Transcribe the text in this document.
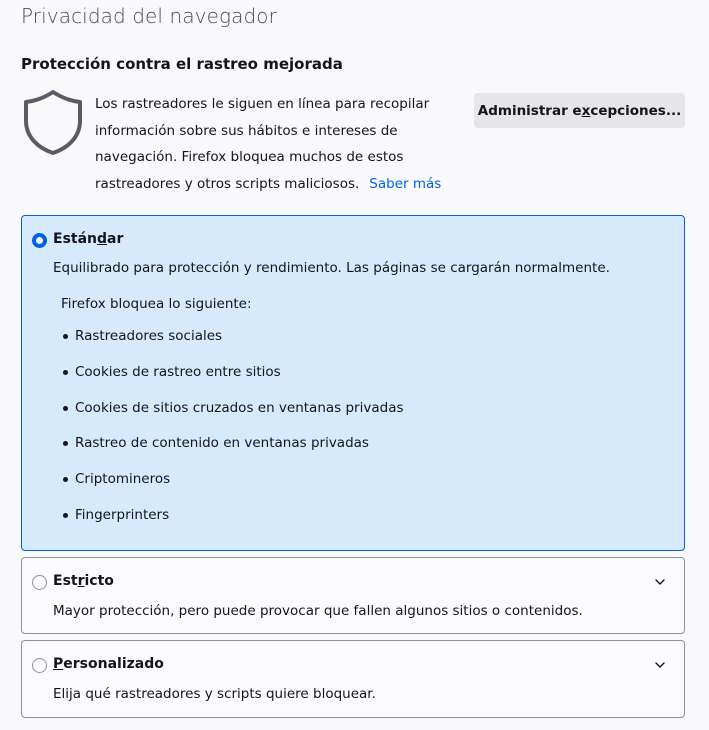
Privacidad del navegador
Protección contra el rastreo mejorada
Los rastreadores le siguen en línea para recopilar información sobre sus hábitos e intereses de navegación. Firefox bloquea muchos de estos rastreadores y otros scripts maliciosos. Saber más
Administrar excepciones...
Estándar
Equilibrado para protección y rendimiento. Las páginas se cargarán normalmente.
Firefox bloquea lo siguiente:
Rastreadores sociales
Cookies de rastreo entre sitios
Cookies de sitios cruzados en ventanas privadas
Rastreo de contenido en ventanas privadas
Criptomineros
Fingerprinters
Estricto
Mayor protección, pero puede provocar que fallen algunos sitios o contenidos.
Personalizado
Elija qué rastreadores y scripts quiere bloquear.
